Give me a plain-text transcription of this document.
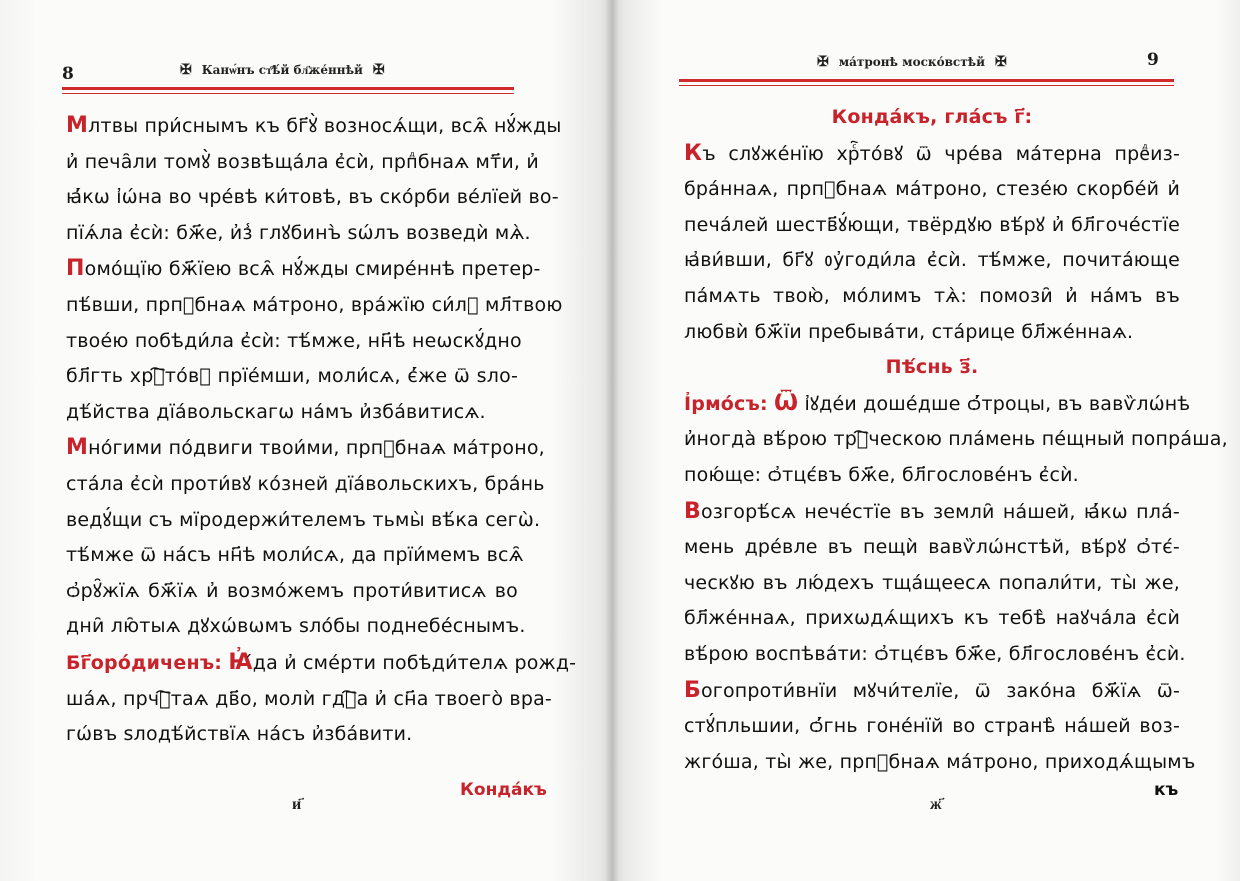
8	✠ Канѡ́нъ ст҃ѣ́й бл҃же́ннѣй ✠
Млтвы при́снымъ къ бг҃ꙋ̀ возносѧ́щи, всѧ̑ нꙋ́жды
и҆ печа̑ли томꙋ̀ возвѣща́ла є҆сѝ, прпⷣбнаѧ мт҃и, и҆
ꙗ҆́кѡ і҆ѡ́на во чре́вѣ ки́товѣ, въ ско́рби ве́лїей во-
пїѧ́ла є҆сѝ: бж҃е, и҆з̾ глꙋбинъ̀ ѕѡ́лъ возведѝ мѧ̀.
Помо́щїю бж҃їею всѧ̑ нꙋ́жды смире́ннѣ претер-
пѣ́вши, прпⷣбнаѧ ма́троно, вра́жїю си́лꙋ мл҃твою
твое́ю побѣди́ла є҆сѝ: тѣ́мже, нн҃ѣ неѡскꙋ́дно
бл҃гть хрⷭ҇то́вꙋ прїе́мши, моли́сѧ, є҆́же ѿ ѕло-
дѣ́йства дїа́вольскагѡ на́мъ и҆зба́витисѧ.
Мно́гими по́двиги твои́ми, прпⷣбнаѧ ма́троно,
ста́ла є҆сѝ проти́вꙋ ко́зней дїа́вольскихъ, бра́нь
ведꙋ́щи съ мїродержи́телемъ тьмы̀ вѣ́ка сегѡ̀.
тѣ́мже ѿ на́съ нн҃ѣ моли́сѧ, да прїи́мемъ всѧ̑
ѻ҆рꙋ̑жїѧ бж҃їѧ и҆ возмо́жемъ проти́витисѧ во
дни̑ лю̑тыѧ дꙋхѡ́вѡмъ ѕло́бы поднебе́снымъ.
Бг҃оро́диченъ: Ꙗ҆́да и҆ сме́рти побѣди́телѧ рожд-
ша́ѧ, прчⷭ҇таѧ дв҃о, молѝ гдⷭ҇а и҆ сн҃а твоего̀ вра-
гѡ́въ ѕлодѣ́йствїѧ на́съ и҆зба́вити.
и҃
Конда́къ
✠ ма́тронѣ моско́встѣй ✠	9
Конда́къ, гла́съ г҃:
Къ слꙋже́нїю хрⷭ҇то́вꙋ ѿ чре́ва ма́терна преⷣиз-
бра́ннаѧ, прпⷣбнаѧ ма́троно, стезе́ю скорбе́й и҆
печа́лей шеств҃ꙋ́ющи, твёрдꙋю вѣ́рꙋ и҆ бл҃гоче́стїе
ꙗ҆ви́вши, бг҃ꙋ ᲂу҆годи́ла є҆сѝ. тѣ́мже, почита́юще
па́мѧть твою̀, мо́лимъ тѧ̀: помози̑ и҆ на́мъ въ
любвѝ бж҃їи пребыва́ти, ста́рице бл҃же́ннаѧ.
Пѣ́снь з҃.
І҆рмо́съ: Ѿ і҆ꙋде́и доше́дше ѻ҆́троцы, въ вавѷлѡ́нѣ
и҆ногда̀ вѣ́рою трⷪ҇ческою пла́мень пе́щный попра́ша,
пою́ще: ѻ҆тцє́въ бж҃е, бл҃гослове́нъ є҆сѝ.
Возгорѣ́сѧ нече́стїе въ земли̑ на́шей, ꙗ҆́кѡ пла́-
мень дре́вле въ пещѝ вавѷлѡ́нстѣй, вѣ́рꙋ ѻ҆тє́-
ческꙋю въ лю́дехъ тща́щеесѧ попали́ти, ты̀ же,
бл҃же́ннаѧ, прихѡдѧ́щихъ къ тебѣ̀ наꙋча́ла є҆сѝ
вѣ́рою воспѣва́ти: ѻ҆тцє́въ бж҃е, бл҃гослове́нъ є҆сѝ.
Богопроти́внїи мꙋчи́телїе, ѿ зако́на бж҃їѧ ѿ-
стꙋ́пльшии, ѻ҆́гнь гоне́нїй во странѣ̀ на́шей воз-
жго́ша, ты̀ же, прпⷣбнаѧ ма́троно, приходѧ́щымъ
ж҃
къ
